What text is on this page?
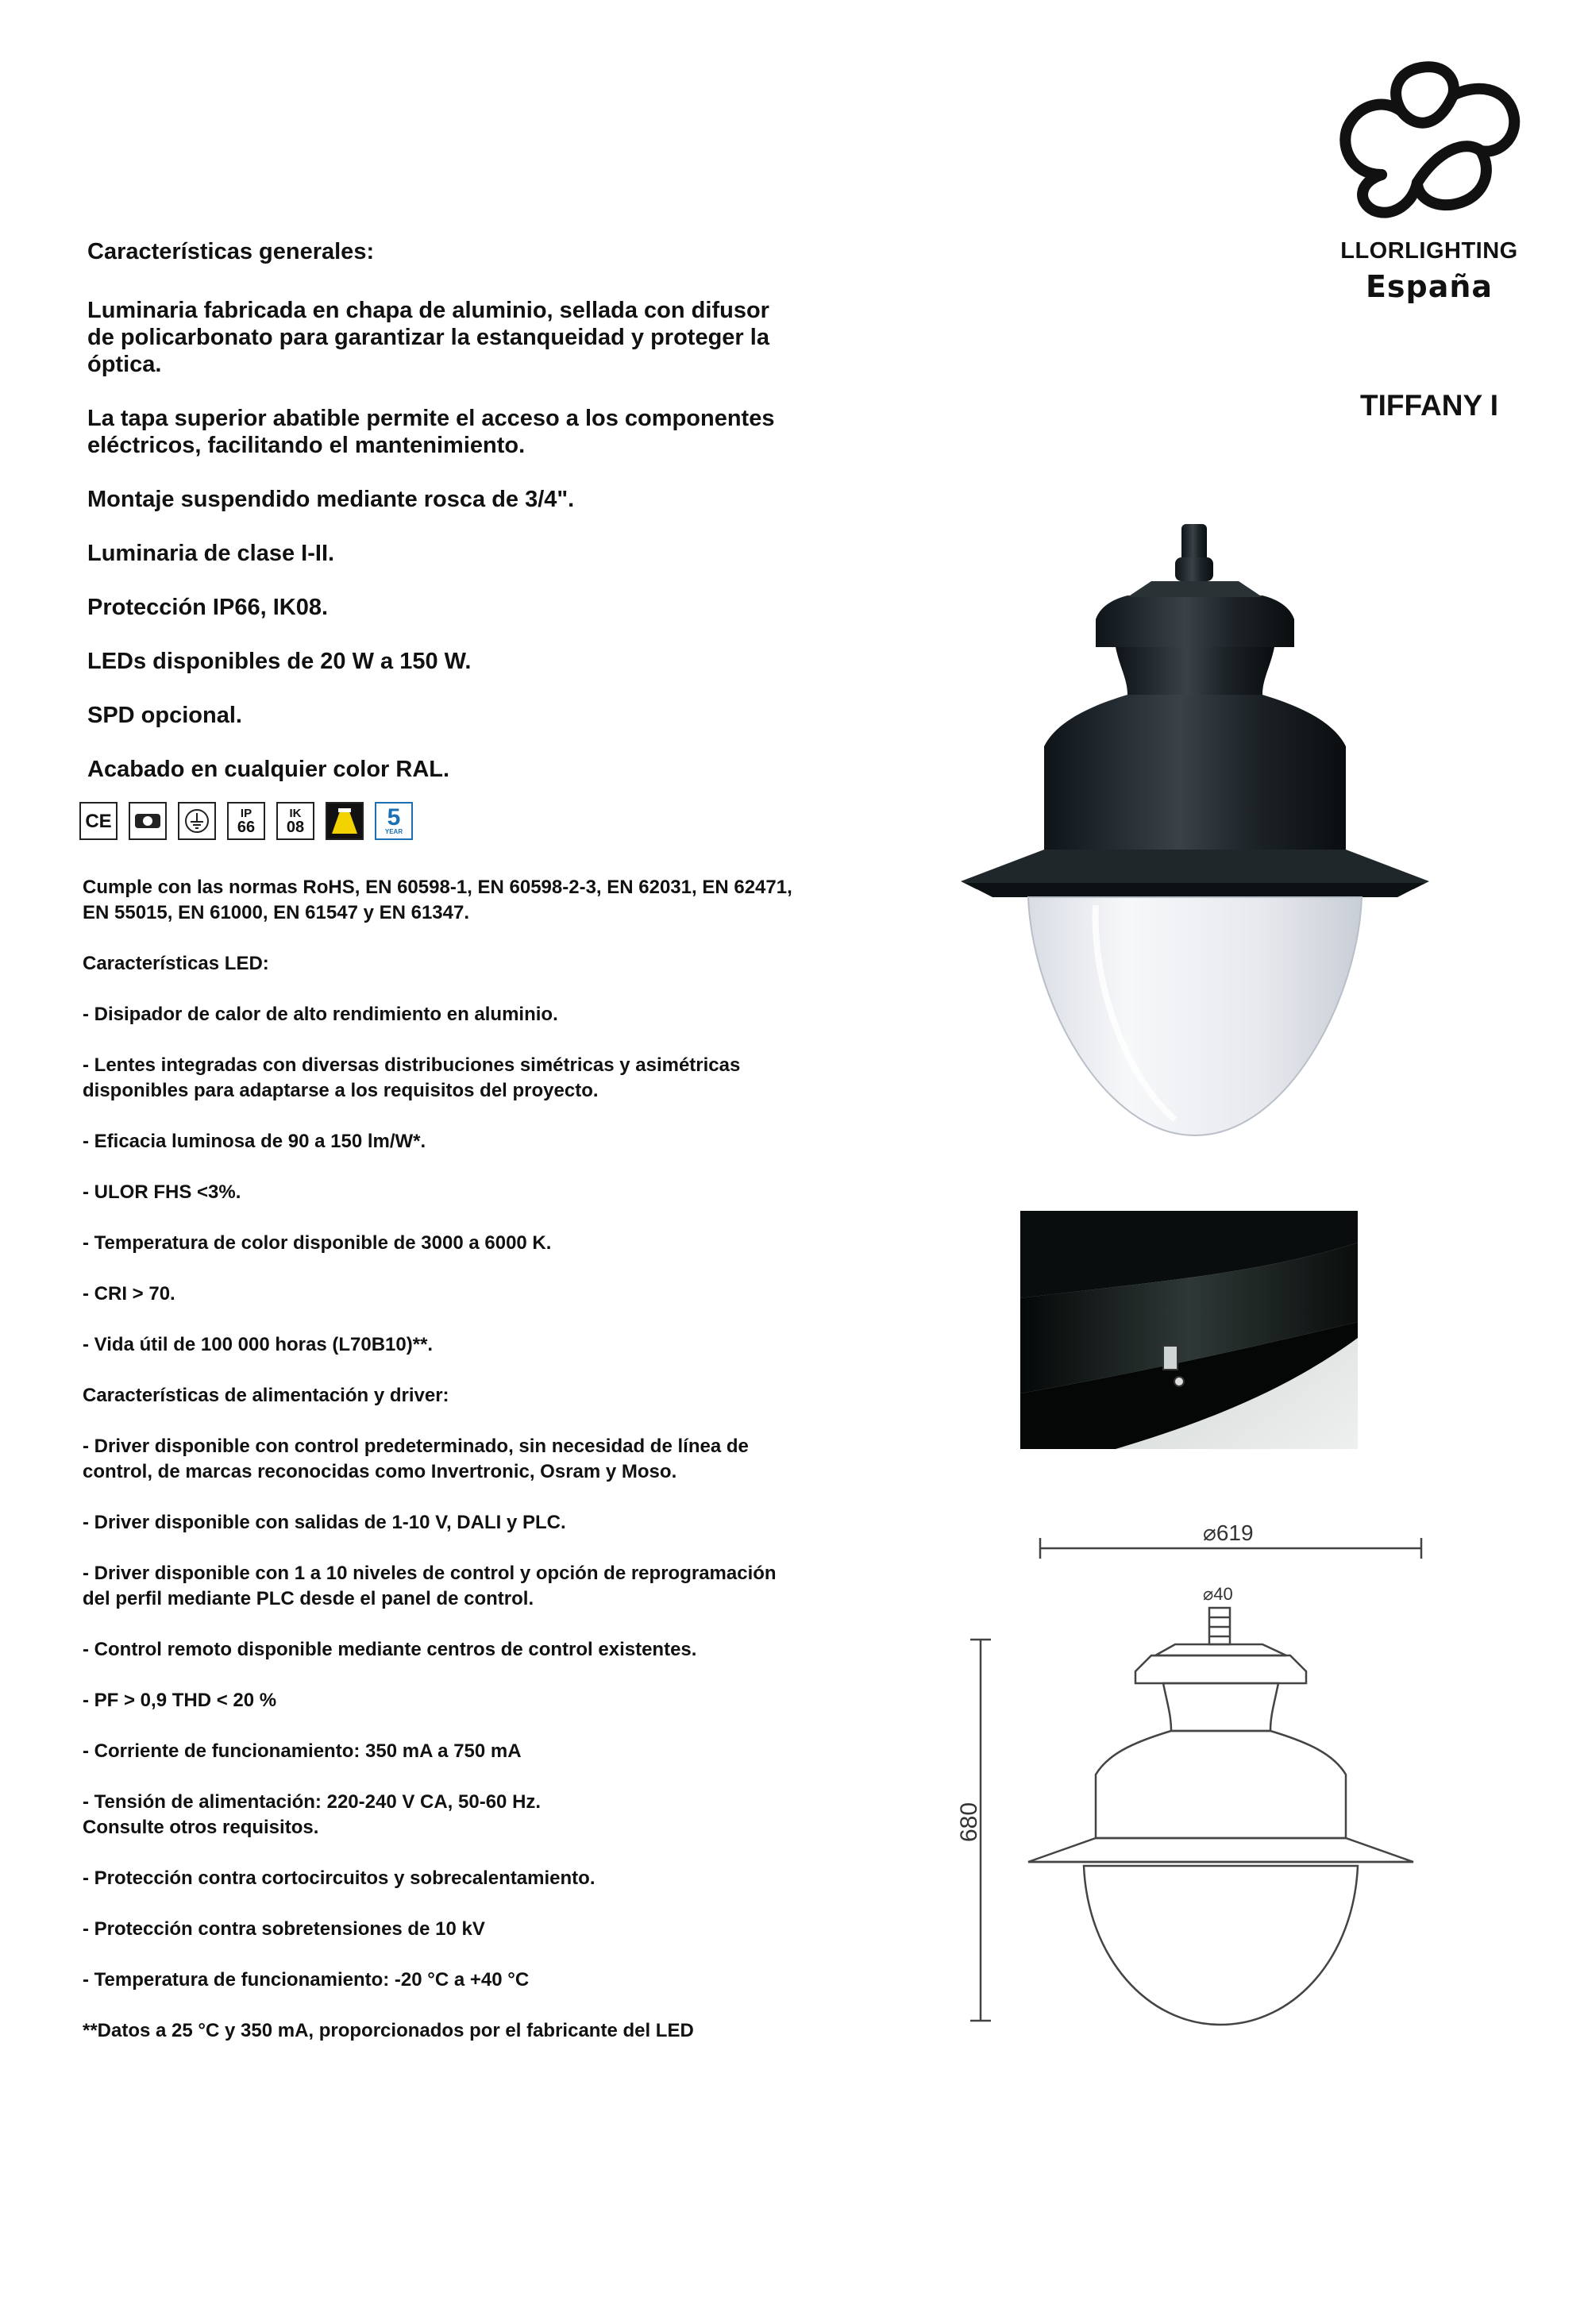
LLORLIGHTING
España
TIFFANY I

Características generales:

Luminaria fabricada en chapa de aluminio, sellada con difusor de policarbonato para garantizar la estanqueidad y proteger la óptica.

La tapa superior abatible permite el acceso a los componentes eléctricos, facilitando el mantenimiento.

Montaje suspendido mediante rosca de 3/4".

Luminaria de clase I-II.

Protección IP66, IK08.

LEDs disponibles de 20 W a 150 W.

SPD opcional.

Acabado en cualquier color RAL.

CE	IP
66
IK
08	5
YEAR

Cumple con las normas RoHS, EN 60598-1, EN 60598-2-3, EN 62031, EN 62471, EN 55015, EN 61000, EN 61547 y EN 61347.

Características LED:

- Disipador de calor de alto rendimiento en aluminio.

- Lentes integradas con diversas distribuciones simétricas y asimétricas disponibles para adaptarse a los requisitos del proyecto.

- Eficacia luminosa de 90 a 150 lm/W*.

- ULOR FHS <3%.

- Temperatura de color disponible de 3000 a 6000 K.

- CRI > 70.

- Vida útil de 100 000 horas (L70B10)**.

Características de alimentación y driver:

- Driver disponible con control predeterminado, sin necesidad de línea de control, de marcas reconocidas como Invertronic, Osram y Moso.

- Driver disponible con salidas de 1-10 V, DALI y PLC.

- Driver disponible con 1 a 10 niveles de control y opción de reprogramación del perfil mediante PLC desde el panel de control.

- Control remoto disponible mediante centros de control existentes.

- PF > 0,9 THD < 20 %

- Corriente de funcionamiento: 350 mA a 750 mA

- Tensión de alimentación: 220-240 V CA, 50-60 Hz.

Consulte otros requisitos.

- Protección contra cortocircuitos y sobrecalentamiento.

- Protección contra sobretensiones de 10 kV

- Temperatura de funcionamiento: -20 °C a +40 °C

**Datos a 25 °C y 350 mA, proporcionados por el fabricante del LED

⌀619
⌀40
680
